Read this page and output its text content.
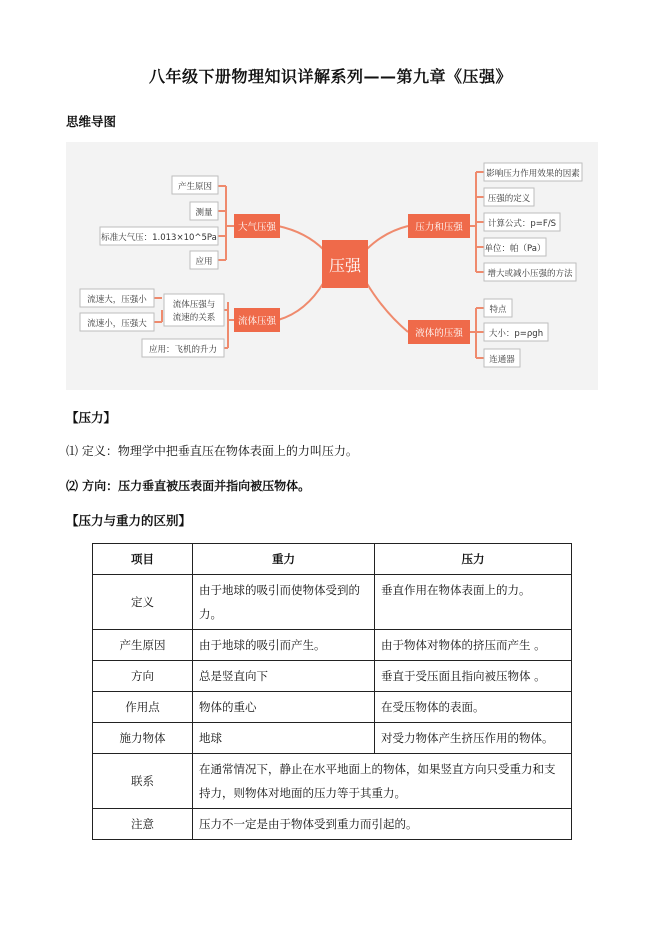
八年级下册物理知识详解系列——第九章《压强》
思维导图
压强
大气压强
流体压强
压力和压强
液体的压强
产生原因
测量
标准大气压：1.013×10^5Pa
应用
流体压强与
流速的关系
流速大，压强小
流速小，压强大
应用：飞机的升力
影响压力作用效果的因素
压强的定义
计算公式：p=F/S
单位：帕（Pa）
增大或减小压强的方法
特点
大小：p=ρgh
连通器
【压力】
⑴ 定义：物理学中把垂直压在物体表面上的力叫压力。
⑵ 方向：压力垂直被压表面并指向被压物体。
【压力与重力的区别】
项目	重力	压力
定义	由于地球的吸引而使物体受到的力。	垂直作用在物体表面上的力。
产生原因	由于地球的吸引而产生。	由于物体对物体的挤压而产生 。
方向	总是竖直向下	垂直于受压面且指向被压物体 。
作用点	物体的重心	在受压物体的表面。
施力物体	地球	对受力物体产生挤压作用的物体。
联系	在通常情况下，静止在水平地面上的物体，如果竖直方向只受重力和支持力，则物体对地面的压力等于其重力。	
注意	压力不一定是由于物体受到重力而引起的。	
